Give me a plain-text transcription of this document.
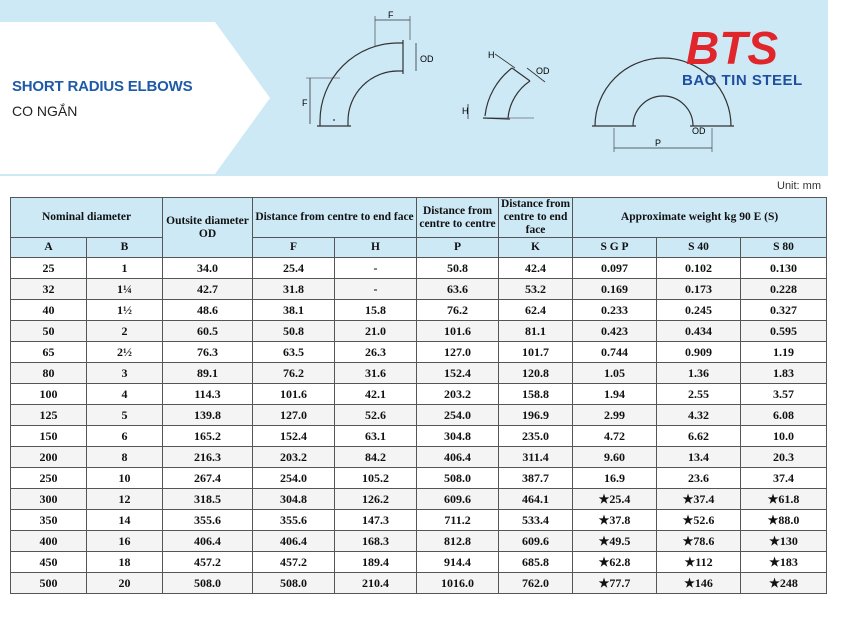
SHORT RADIUS ELBOWS
CO NGẮN
F
F
OD
H
H
OD
P
OD
BTS
BAO TIN STEEL
Unit: mm
Nominal diameter		Outsite diameter OD	Distance from centre to end face		Distance from centre to centre	Distance from centre to end face	Approximate weight kg 90 E (S)		
A	B		F	H	P	K	S G P	S 40	S 80
25	1	34.0	25.4	-	50.8	42.4	0.097	0.102	0.130
32	1¼	42.7	31.8	-	63.6	53.2	0.169	0.173	0.228
40	1½	48.6	38.1	15.8	76.2	62.4	0.233	0.245	0.327
50	2	60.5	50.8	21.0	101.6	81.1	0.423	0.434	0.595
65	2½	76.3	63.5	26.3	127.0	101.7	0.744	0.909	1.19
80	3	89.1	76.2	31.6	152.4	120.8	1.05	1.36	1.83
100	4	114.3	101.6	42.1	203.2	158.8	1.94	2.55	3.57
125	5	139.8	127.0	52.6	254.0	196.9	2.99	4.32	6.08
150	6	165.2	152.4	63.1	304.8	235.0	4.72	6.62	10.0
200	8	216.3	203.2	84.2	406.4	311.4	9.60	13.4	20.3
250	10	267.4	254.0	105.2	508.0	387.7	16.9	23.6	37.4
300	12	318.5	304.8	126.2	609.6	464.1	★25.4	★37.4	★61.8
350	14	355.6	355.6	147.3	711.2	533.4	★37.8	★52.6	★88.0
400	16	406.4	406.4	168.3	812.8	609.6	★49.5	★78.6	★130
450	18	457.2	457.2	189.4	914.4	685.8	★62.8	★112	★183
500	20	508.0	508.0	210.4	1016.0	762.0	★77.7	★146	★248
